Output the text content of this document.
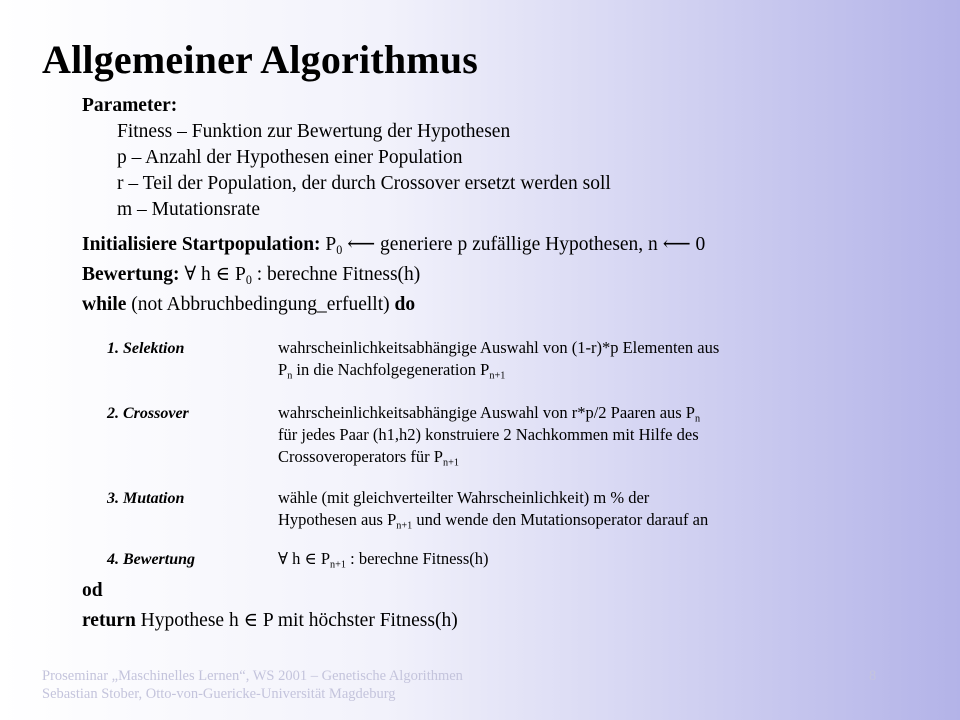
Allgemeiner Algorithmus
Parameter:
Fitness – Funktion zur Bewertung der Hypothesen
p – Anzahl der Hypothesen einer Population
r – Teil der Population, der durch Crossover ersetzt werden soll
m – Mutationsrate
Initialisiere Startpopulation: $P_0$ ⟵ generiere p zufällige Hypothesen, n ⟵ 0
Bewertung: ∀ h ∈ $P_0$ : berechne Fitness(h)
while (not Abbruchbedingung_erfuellt) do
1. Selektion	wahrscheinlichkeitsabhängige Auswahl von (1-r)*p Elementen aus
$P_n$ in die Nachfolgegeneration $P_{n+1}$
2. Crossover	wahrscheinlichkeitsabhängige Auswahl von r*p/2 Paaren aus $P_n$
für jedes Paar (h1,h2) konstruiere 2 Nachkommen mit Hilfe des
Crossoveroperators für $P_{n+1}$
3. Mutation	wähle (mit gleichverteilter Wahrscheinlichkeit) m % der
Hypothesen aus $P_{n+1}$ und wende den Mutationsoperator darauf an
4. Bewertung	∀ h ∈ $P_{n+1}$ : berechne Fitness(h)
od
return Hypothese h ∈ P mit höchster Fitness(h)
Proseminar „Maschinelles Lernen“, WS 2001 – Genetische Algorithmen
Sebastian Stober, Otto-von-Guericke-Universität Magdeburg
8
